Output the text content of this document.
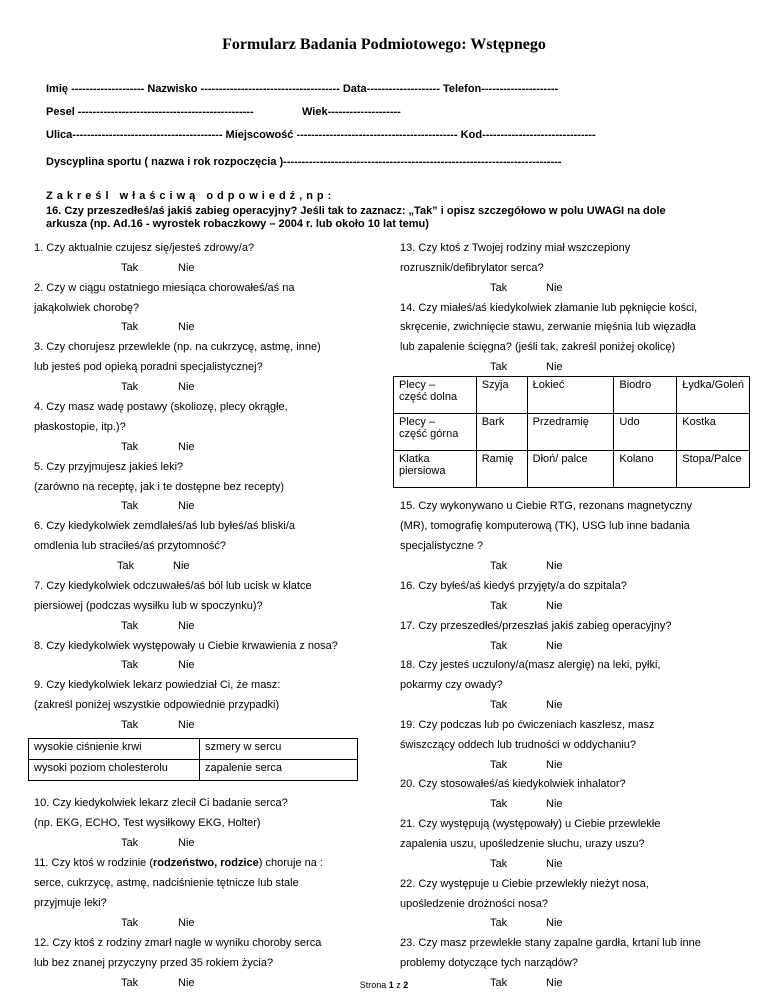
Formularz Badania Podmiotowego: Wstępnego
Imię -------------------- Nazwisko -------------------------------------- Data-------------------- Telefon---------------------
Pesel ------------------------------------------------	Wiek--------------------
Ulica----------------------------------------- Miejscowość -------------------------------------------- Kod-------------------------------
Dyscyplina sportu ( nazwa i rok rozpoczęcia )----------------------------------------------------------------------------
Zakreśl właściwą odpowiedź,np:
16. Czy przeszedłeś/aś jakiś zabieg operacyjny? Jeśli tak to zaznacz: „Tak” i opisz szczegółowo w polu UWAGI na dole
arkusza (np. Ad.16 - wyrostek robaczkowy – 2004 r. lub około 10 lat temu)
1. Czy aktualnie czujesz się/jesteś zdrowy/a?
Tak	Nie
2. Czy w ciągu ostatniego miesiąca chorowałeś/aś na
jakąkolwiek chorobę?
Tak	Nie
3. Czy chorujesz przewlekle (np. na cukrzycę, astmę, inne)
lub jesteś pod opieką poradni specjalistycznej?
Tak	Nie
4. Czy masz wadę postawy (skoliozę, plecy okrągłe,
płaskostopie, itp.)?
Tak	Nie
5. Czy przyjmujesz jakieś leki?
(zarówno na receptę, jak i te dostępne bez recepty)
Tak	Nie
6. Czy kiedykolwiek zemdlałeś/aś lub byłeś/aś bliski/a
omdlenia lub straciłeś/aś przytomność?
Tak	Nie
7. Czy kiedykolwiek odczuwałeś/aś ból lub ucisk w klatce
piersiowej (podczas wysiłku lub w spoczynku)?
Tak	Nie
8. Czy kiedykolwiek występowały u Ciebie krwawienia z nosa?
Tak	Nie
9. Czy kiedykolwiek lekarz powiedział Ci, że masz:
(zakreśl poniżej wszystkie odpowiednie przypadki)
Tak	Nie
wysokie ciśnienie krwi	szmery w sercu
wysoki poziom cholesterolu	zapalenie serca
10. Czy kiedykolwiek lekarz zlecił Ci badanie serca?
(np. EKG, ECHO, Test wysiłkowy EKG, Holter)
Tak	Nie
11. Czy ktoś w rodzinie (rodzeństwo, rodzice) choruje na :
serce, cukrzycę, astmę, nadciśnienie tętnicze lub stale
przyjmuje leki?
Tak	Nie
12. Czy ktoś z rodziny zmarł nagle w wyniku choroby serca
lub bez znanej przyczyny przed 35 rokiem życia?
Tak	Nie
13. Czy ktoś z Twojej rodziny miał wszczepiony
rozrusznik/defibrylator serca?
Tak	Nie
14. Czy miałeś/aś kiedykolwiek złamanie lub pęknięcie kości,
skręcenie, zwichnięcie stawu, zerwanie mięśnia lub więzadła
lub zapalenie ścięgna? (jeśli tak, zakreśl poniżej okolicę)
Tak	Nie
Plecy –
część dolna	Szyja	Łokieć	Biodro	Łydka/Goleń
Plecy –
część górna	Bark	Przedramię	Udo	Kostka
Klatka
piersiowa	Ramię	Dłoń/ palce	Kolano	Stopa/Palce
15. Czy wykonywano u Ciebie RTG, rezonans magnetyczny
(MR), tomografię komputerową (TK), USG lub inne badania
specjalistyczne ?
Tak	Nie
16. Czy byłeś/aś kiedyś przyjęty/a do szpitala?
Tak	Nie
17. Czy przeszedłeś/przeszłaś jakiś zabieg operacyjny?
Tak	Nie
18. Czy jesteś uczulony/a(masz alergię) na leki, pyłki,
pokarmy czy owady?
Tak	Nie
19. Czy podczas lub po ćwiczeniach kaszlesz, masz
świszczący oddech lub trudności w oddychaniu?
Tak	Nie
20. Czy stosowałeś/aś kiedykolwiek inhalator?
Tak	Nie
21. Czy występują (występowały) u Ciebie przewlekłe
zapalenia uszu, upośledzenie słuchu, urazy uszu?
Tak	Nie
22. Czy występuje u Ciebie przewlekły nieżyt nosa,
upośledzenie drożności nosa?
Tak	Nie
23. Czy masz przewlekłe stany zapalne gardła, krtani lub inne
problemy dotyczące tych narządów?
Tak	Nie
Strona 1 z 2
